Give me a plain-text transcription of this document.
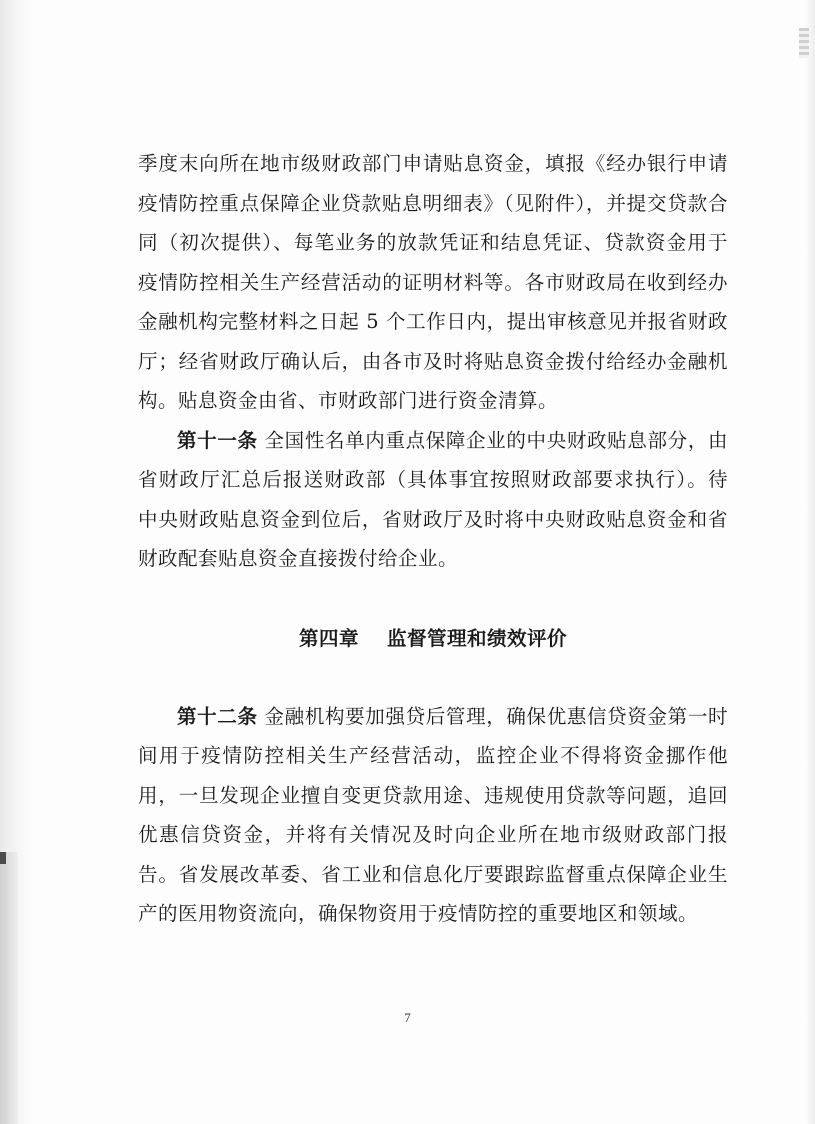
季度末向所在地市级财政部门申请贴息资金，填报《经办银行申请疫情防控重点保障企业贷款贴息明细表》（见附件），并提交贷款合同（初次提供）、每笔业务的放款凭证和结息凭证、贷款资金用于疫情防控相关生产经营活动的证明材料等。各市财政局在收到经办金融机构完整材料之日起 5 个工作日内，提出审核意见并报省财政厅；经省财政厅确认后，由各市及时将贴息资金拨付给经办金融机构。贴息资金由省、市财政部门进行资金清算。

第十一条 全国性名单内重点保障企业的中央财政贴息部分，由省财政厅汇总后报送财政部（具体事宜按照财政部要求执行）。待中央财政贴息资金到位后，省财政厅及时将中央财政贴息资金和省财政配套贴息资金直接拨付给企业。

第四章 监督管理和绩效评价

第十二条 金融机构要加强贷后管理，确保优惠信贷资金第一时间用于疫情防控相关生产经营活动，监控企业不得将资金挪作他用，一旦发现企业擅自变更贷款用途、违规使用贷款等问题，追回优惠信贷资金，并将有关情况及时向企业所在地市级财政部门报告。省发展改革委、省工业和信息化厅要跟踪监督重点保障企业生产的医用物资流向，确保物资用于疫情防控的重要地区和领域。

7
